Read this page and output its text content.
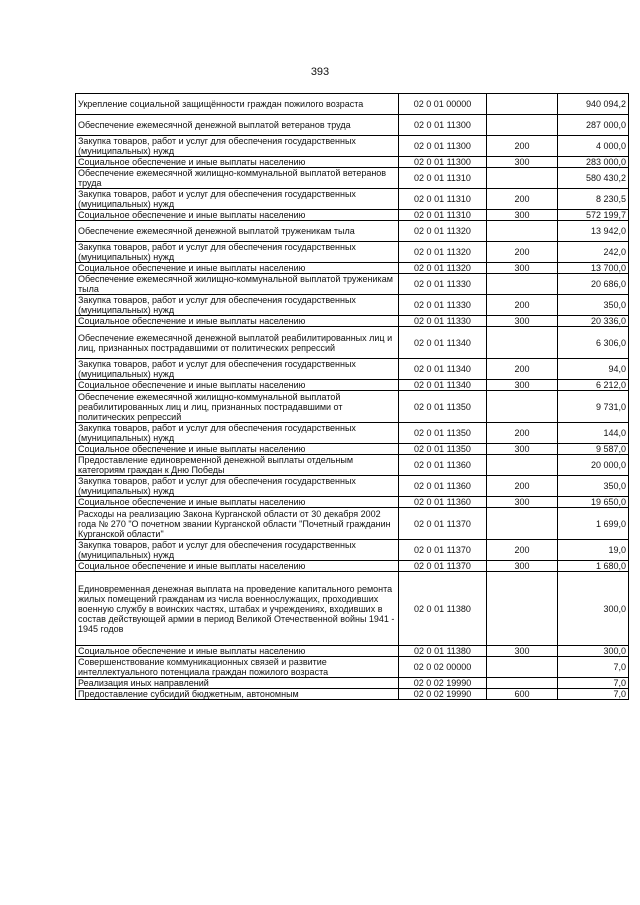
393
Укрепление социальной защищённости граждан пожилого возраста	02 0 01 00000		940 094,2
Обеспечение ежемесячной денежной выплатой ветеранов труда	02 0 01 11300		287 000,0
Закупка товаров, работ и услуг для обеспечения государственных (муниципальных) нужд	02 0 01 11300	200	4 000,0
Социальное обеспечение и иные выплаты населению	02 0 01 11300	300	283 000,0
Обеспечение ежемесячной жилищно-коммунальной выплатой ветеранов труда	02 0 01 11310		580 430,2
Закупка товаров, работ и услуг для обеспечения государственных (муниципальных) нужд	02 0 01 11310	200	8 230,5
Социальное обеспечение и иные выплаты населению	02 0 01 11310	300	572 199,7
Обеспечение ежемесячной денежной выплатой труженикам тыла	02 0 01 11320		13 942,0
Закупка товаров, работ и услуг для обеспечения государственных (муниципальных) нужд	02 0 01 11320	200	242,0
Социальное обеспечение и иные выплаты населению	02 0 01 11320	300	13 700,0
Обеспечение ежемесячной жилищно-коммунальной выплатой труженикам тыла	02 0 01 11330		20 686,0
Закупка товаров, работ и услуг для обеспечения государственных (муниципальных) нужд	02 0 01 11330	200	350,0
Социальное обеспечение и иные выплаты населению	02 0 01 11330	300	20 336,0
Обеспечение ежемесячной денежной выплатой реабилитированных лиц и лиц, признанных пострадавшими от политических репрессий	02 0 01 11340		6 306,0
Закупка товаров, работ и услуг для обеспечения государственных (муниципальных) нужд	02 0 01 11340	200	94,0
Социальное обеспечение и иные выплаты населению	02 0 01 11340	300	6 212,0
Обеспечение ежемесячной жилищно-коммунальной выплатой реабилитированных лиц и лиц, признанных пострадавшими от политических репрессий	02 0 01 11350		9 731,0
Закупка товаров, работ и услуг для обеспечения государственных (муниципальных) нужд	02 0 01 11350	200	144,0
Социальное обеспечение и иные выплаты населению	02 0 01 11350	300	9 587,0
Предоставление единовременной денежной выплаты отдельным категориям граждан к Дню Победы	02 0 01 11360		20 000,0
Закупка товаров, работ и услуг для обеспечения государственных (муниципальных) нужд	02 0 01 11360	200	350,0
Социальное обеспечение и иные выплаты населению	02 0 01 11360	300	19 650,0
Расходы на реализацию Закона Курганской области от 30 декабря 2002 года № 270 "О почетном звании Курганской области "Почетный гражданин Курганской области"	02 0 01 11370		1 699,0
Закупка товаров, работ и услуг для обеспечения государственных (муниципальных) нужд	02 0 01 11370	200	19,0
Социальное обеспечение и иные выплаты населению	02 0 01 11370	300	1 680,0
Единовременная денежная выплата на проведение капитального ремонта жилых помещений гражданам из числа военнослужащих, проходивших военную службу в воинских частях, штабах и учреждениях, входивших в состав действующей армии в период Великой Отечественной войны 1941 - 1945 годов	02 0 01 11380		300,0
Социальное обеспечение и иные выплаты населению	02 0 01 11380	300	300,0
Совершенствование коммуникационных связей и развитие интеллектуального потенциала граждан пожилого возраста	02 0 02 00000		7,0
Реализация иных направлений	02 0 02 19990		7,0
Предоставление субсидий бюджетным, автономным	02 0 02 19990	600	7,0
